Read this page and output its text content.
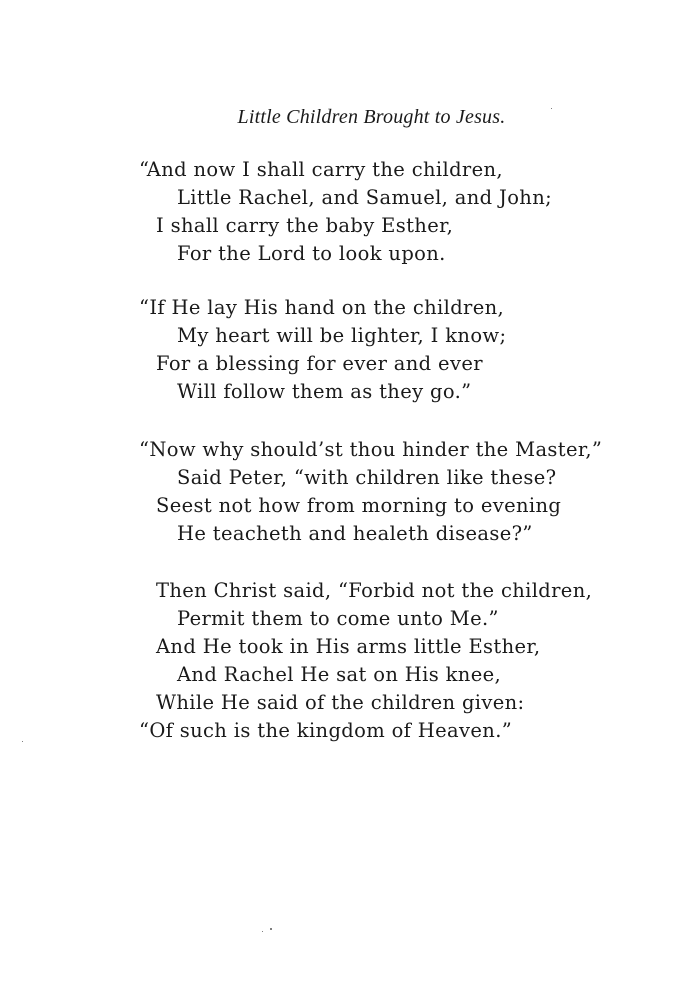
Little Children Brought to Jesus.
“And now I shall carry the children,
Little Rachel, and Samuel, and John;
I shall carry the baby Esther,
For the Lord to look upon.
“If He lay His hand on the children,
My heart will be lighter, I know;
For a blessing for ever and ever
Will follow them as they go.”
“Now why should’st thou hinder the Master,”
Said Peter, “with children like these?
Seest not how from morning to evening
He teacheth and healeth disease?”
Then Christ said, “Forbid not the children,
Permit them to come unto Me.”
And He took in His arms little Esther,
And Rachel He sat on His knee,
While He said of the children given:
“Of such is the kingdom of Heaven.”
